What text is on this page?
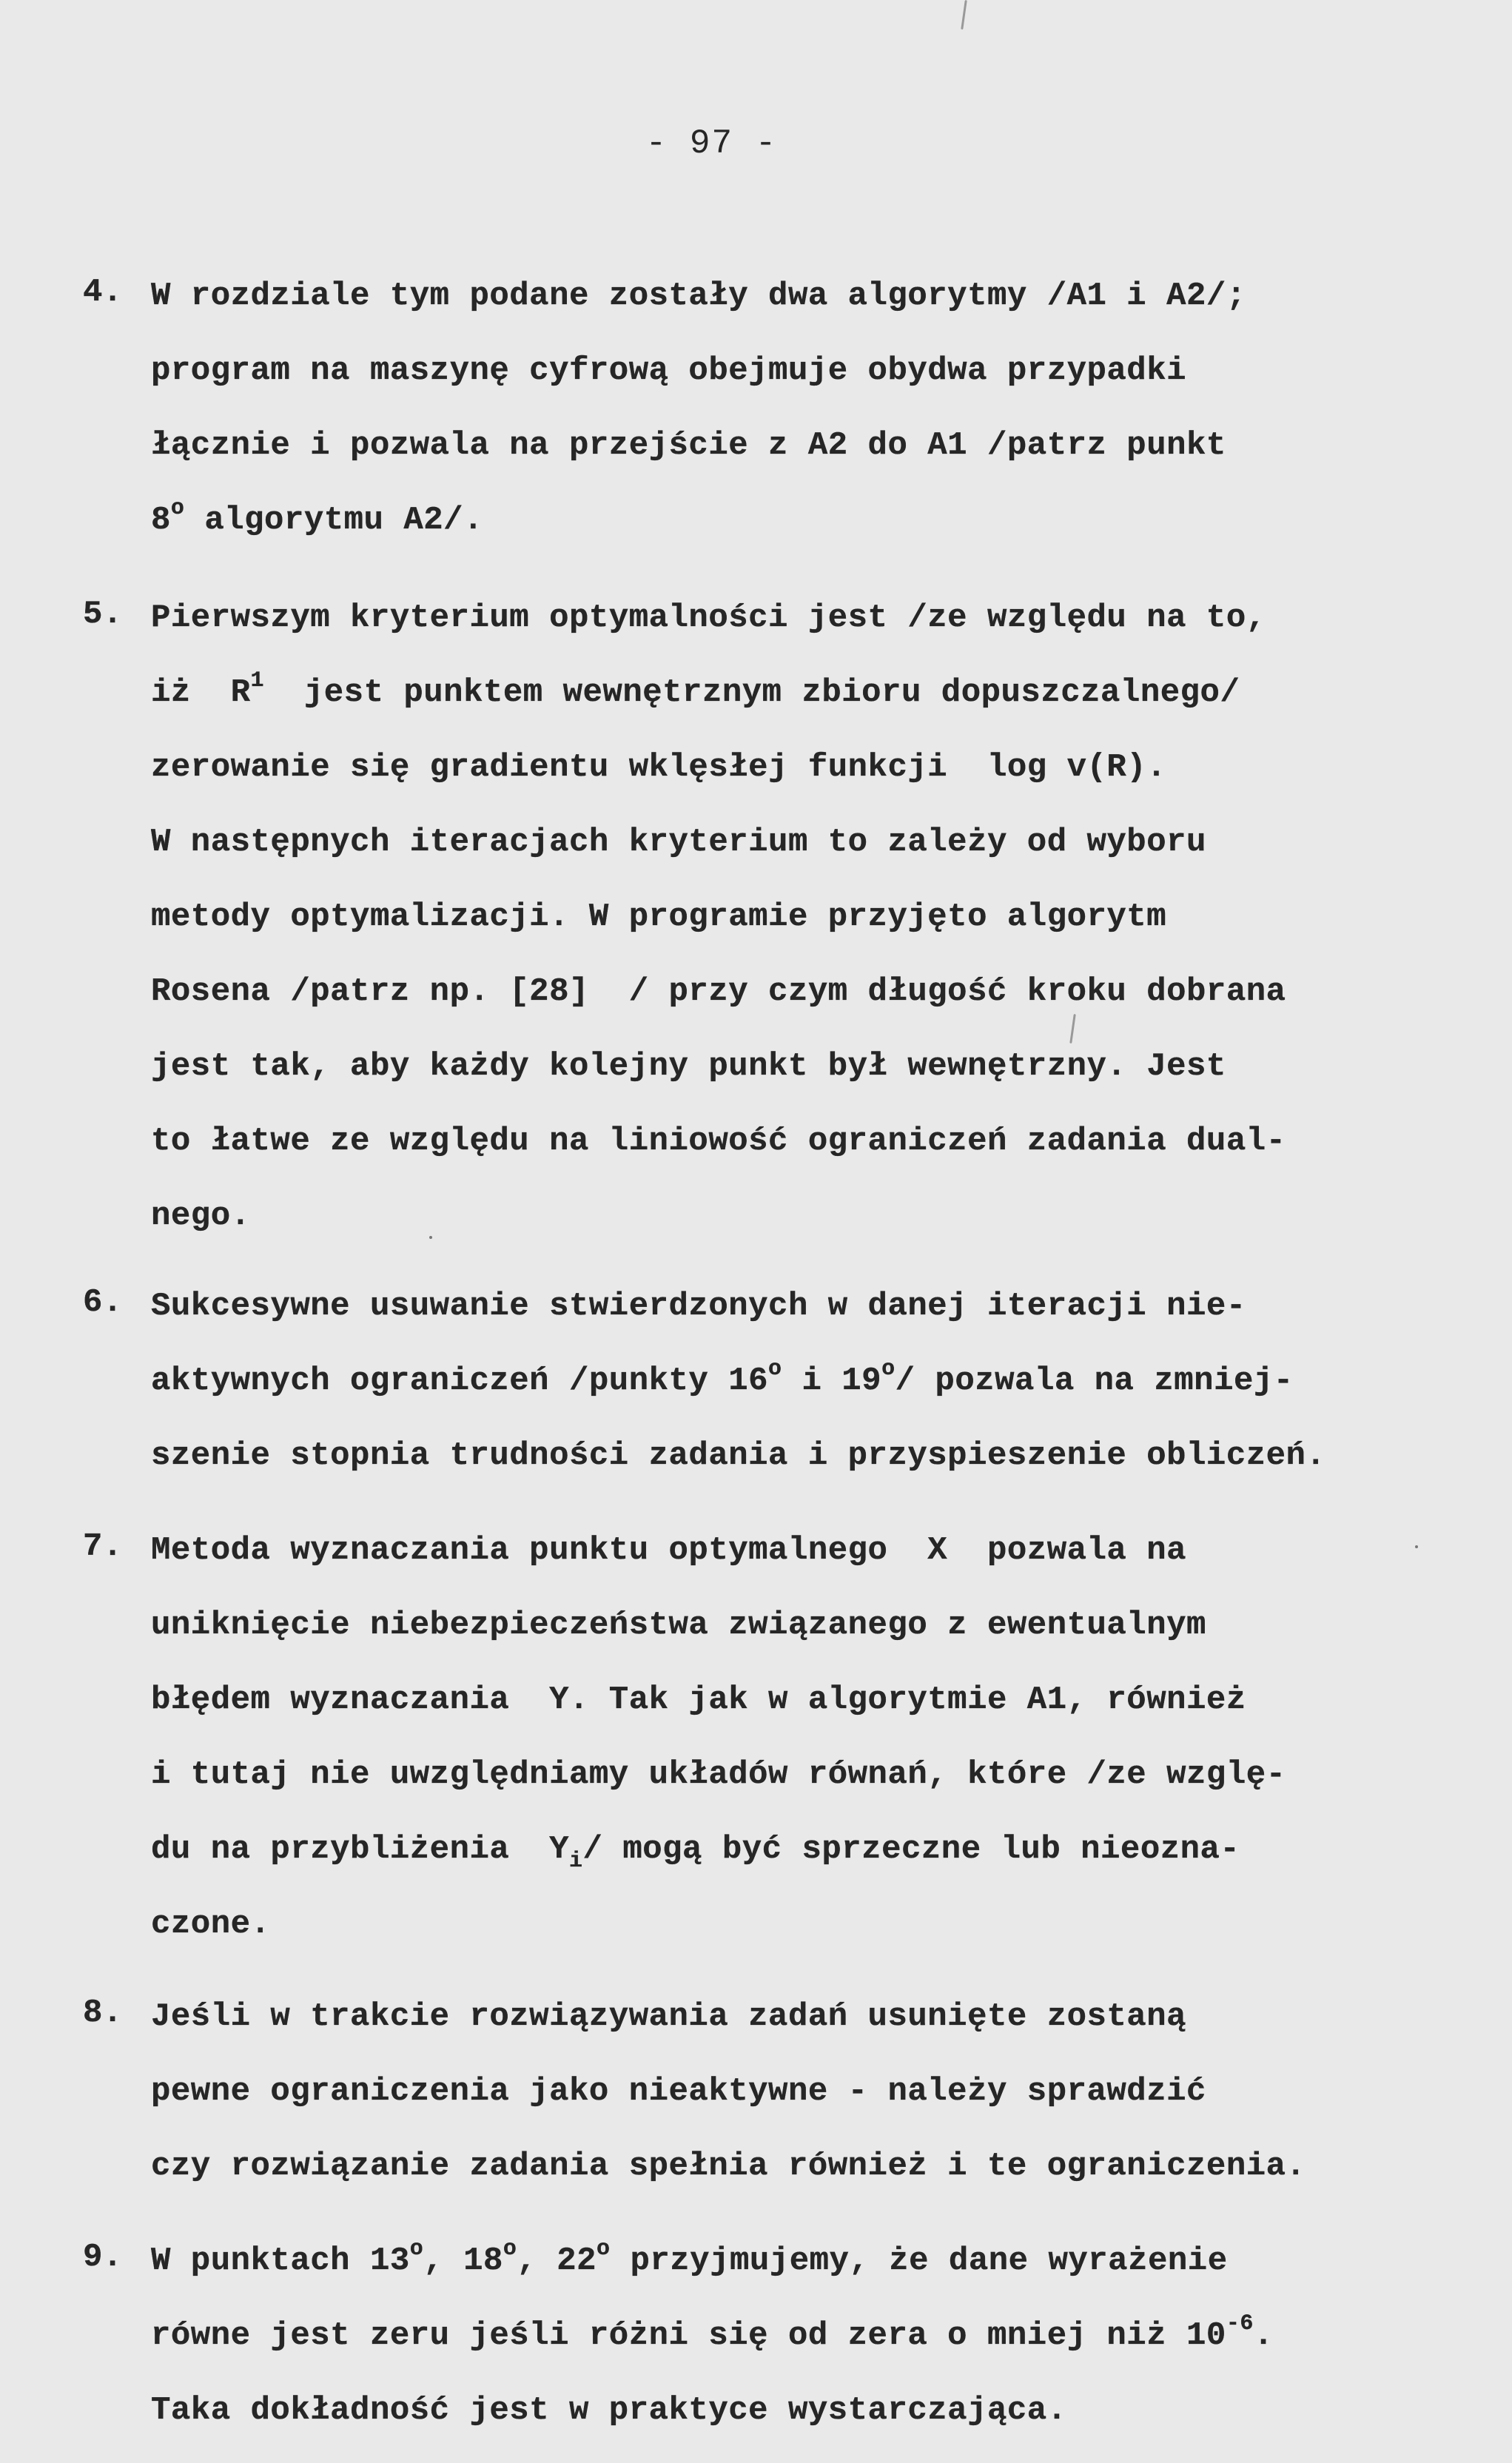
- 97 -
4. W rozdziale tym podane zostały dwa algorytmy /A1 i A2/;
program na maszynę cyfrową obejmuje obydwa przypadki
łącznie i pozwala na przejście z A2 do A1 /patrz punkt
8$^o$ algorytmu A2/.
5. Pierwszym kryterium optymalności jest /ze względu na to,
iż  $R^1$  jest punktem wewnętrznym zbioru dopuszczalnego/
zerowanie się gradientu wklęsłej funkcji  log v(R).
W następnych iteracjach kryterium to zależy od wyboru
metody optymalizacji. W programie przyjęto algorytm
Rosena /patrz np. [28]  / przy czym długość kroku dobrana
jest tak, aby każdy kolejny punkt był wewnętrzny. Jest
to łatwe ze względu na liniowość ograniczeń zadania dual-
nego.
6. Sukcesywne usuwanie stwierdzonych w danej iteracji nie-
aktywnych ograniczeń /punkty 16$^o$ i 19$^o$/ pozwala na zmniej-
szenie stopnia trudności zadania i przyspieszenie obliczeń.
7. Metoda wyznaczania punktu optymalnego  X  pozwala na
uniknięcie niebezpieczeństwa związanego z ewentualnym
błędem wyznaczania  Y. Tak jak w algorytmie A1, również
i tutaj nie uwzględniamy układów równań, które /ze wzglę-
du na przybliżenia  $Y_i/$ mogą być sprzeczne lub nieozna-
czone.
8. Jeśli w trakcie rozwiązywania zadań usunięte zostaną
pewne ograniczenia jako nieaktywne - należy sprawdzić
czy rozwiązanie zadania spełnia również i te ograniczenia.
9. W punktach 13$^o$, 18$^o$, 22$^o$ przyjmujemy, że dane wyrażenie
równe jest zeru jeśli różni się od zera o mniej niż $10^{-6}$.
Taka dokładność jest w praktyce wystarczająca.
